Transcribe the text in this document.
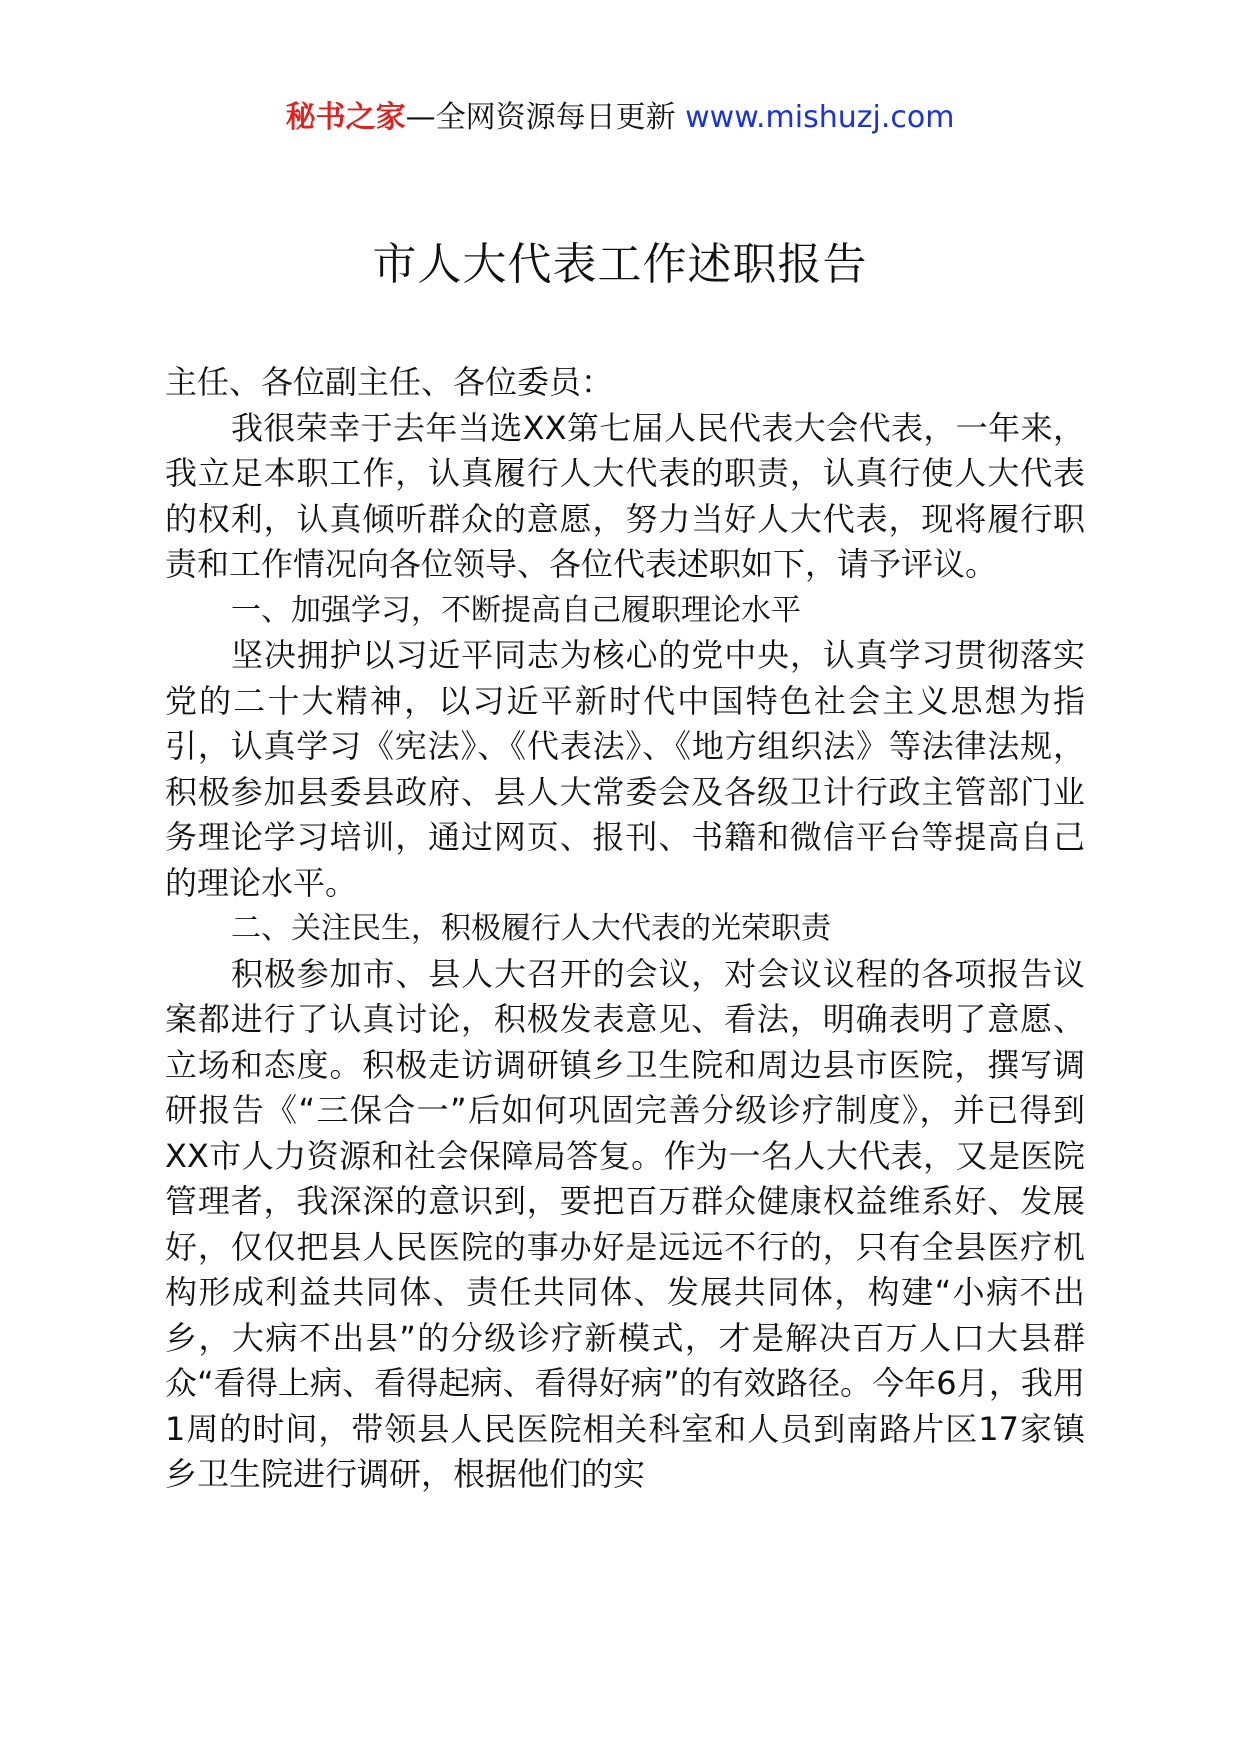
秘书之家—全网资源每日更新 www.mishuzj.com
市人大代表工作述职报告

主任、各位副主任、各位委员：

我很荣幸于去年当选XX第七届人民代表大会代表，一年来，我立足本职工作，认真履行人大代表的职责，认真行使人大代表的权利，认真倾听群众的意愿，努力当好人大代表，现将履行职责和工作情况向各位领导、各位代表述职如下，请予评议。

一、加强学习，不断提高自己履职理论水平

坚决拥护以习近平同志为核心的党中央，认真学习贯彻落实党的二十大精神，以习近平新时代中国特色社会主义思想为指引，认真学习《宪法》、《代表法》、《地方组织法》等法律法规，积极参加县委县政府、县人大常委会及各级卫计行政主管部门业务理论学习培训，通过网页、报刊、书籍和微信平台等提高自己的理论水平。

二、关注民生，积极履行人大代表的光荣职责

积极参加市、县人大召开的会议，对会议议程的各项报告议案都进行了认真讨论，积极发表意见、看法，明确表明了意愿、立场和态度。积极走访调研镇乡卫生院和周边县市医院，撰写调研报告《“三保合一”后如何巩固完善分级诊疗制度》，并已得到XX市人力资源和社会保障局答复。作为一名人大代表，又是医院管理者，我深深的意识到，要把百万群众健康权益维系好、发展好，仅仅把县人民医院的事办好是远远不行的，只有全县医疗机构形成利益共同体、责任共同体、发展共同体，构建“小病不出乡，大病不出县”的分级诊疗新模式，才是解决百万人口大县群众“看得上病、看得起病、看得好病”的有效路径。今年6月，我用1周的时间，带领县人民医院相关科室和人员到南路片区17家镇乡卫生院进行调研，根据他们的实
